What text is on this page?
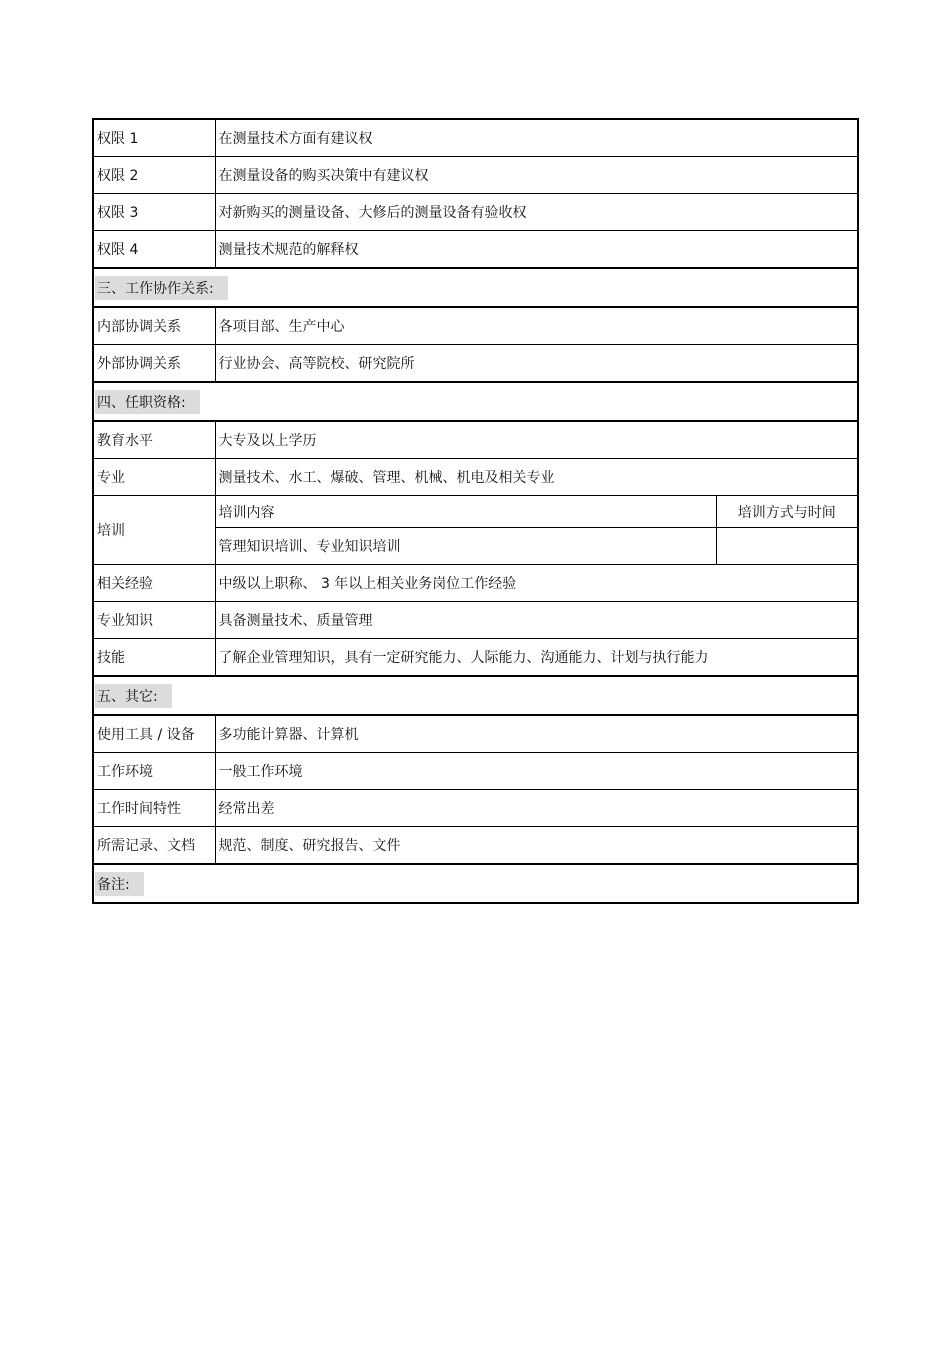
权限 1	在测量技术方面有建议权	
权限 2	在测量设备的购买决策中有建议权	
权限 3	对新购买的测量设备、大修后的测量设备有验收权	
权限 4	测量技术规范的解释权	
三、工作协作关系:		
内部协调关系	各项目部、生产中心	
外部协调关系	行业协会、高等院校、研究院所	
四、任职资格:		
教育水平	大专及以上学历	
专业	测量技术、水工、爆破、管理、机械、机电及相关专业	
培训	培训内容	培训方式与时间
	管理知识培训、专业知识培训	
相关经验	中级以上职称、 3 年以上相关业务岗位工作经验	
专业知识	具备测量技术、质量管理	
技能	了解企业管理知识，具有一定研究能力、人际能力、沟通能力、计划与执行能力	
五、其它:		
使用工具 / 设备	多功能计算器、计算机	
工作环境	一般工作环境	
工作时间特性	经常出差	
所需记录、文档	规范、制度、研究报告、文件	
备注:		
